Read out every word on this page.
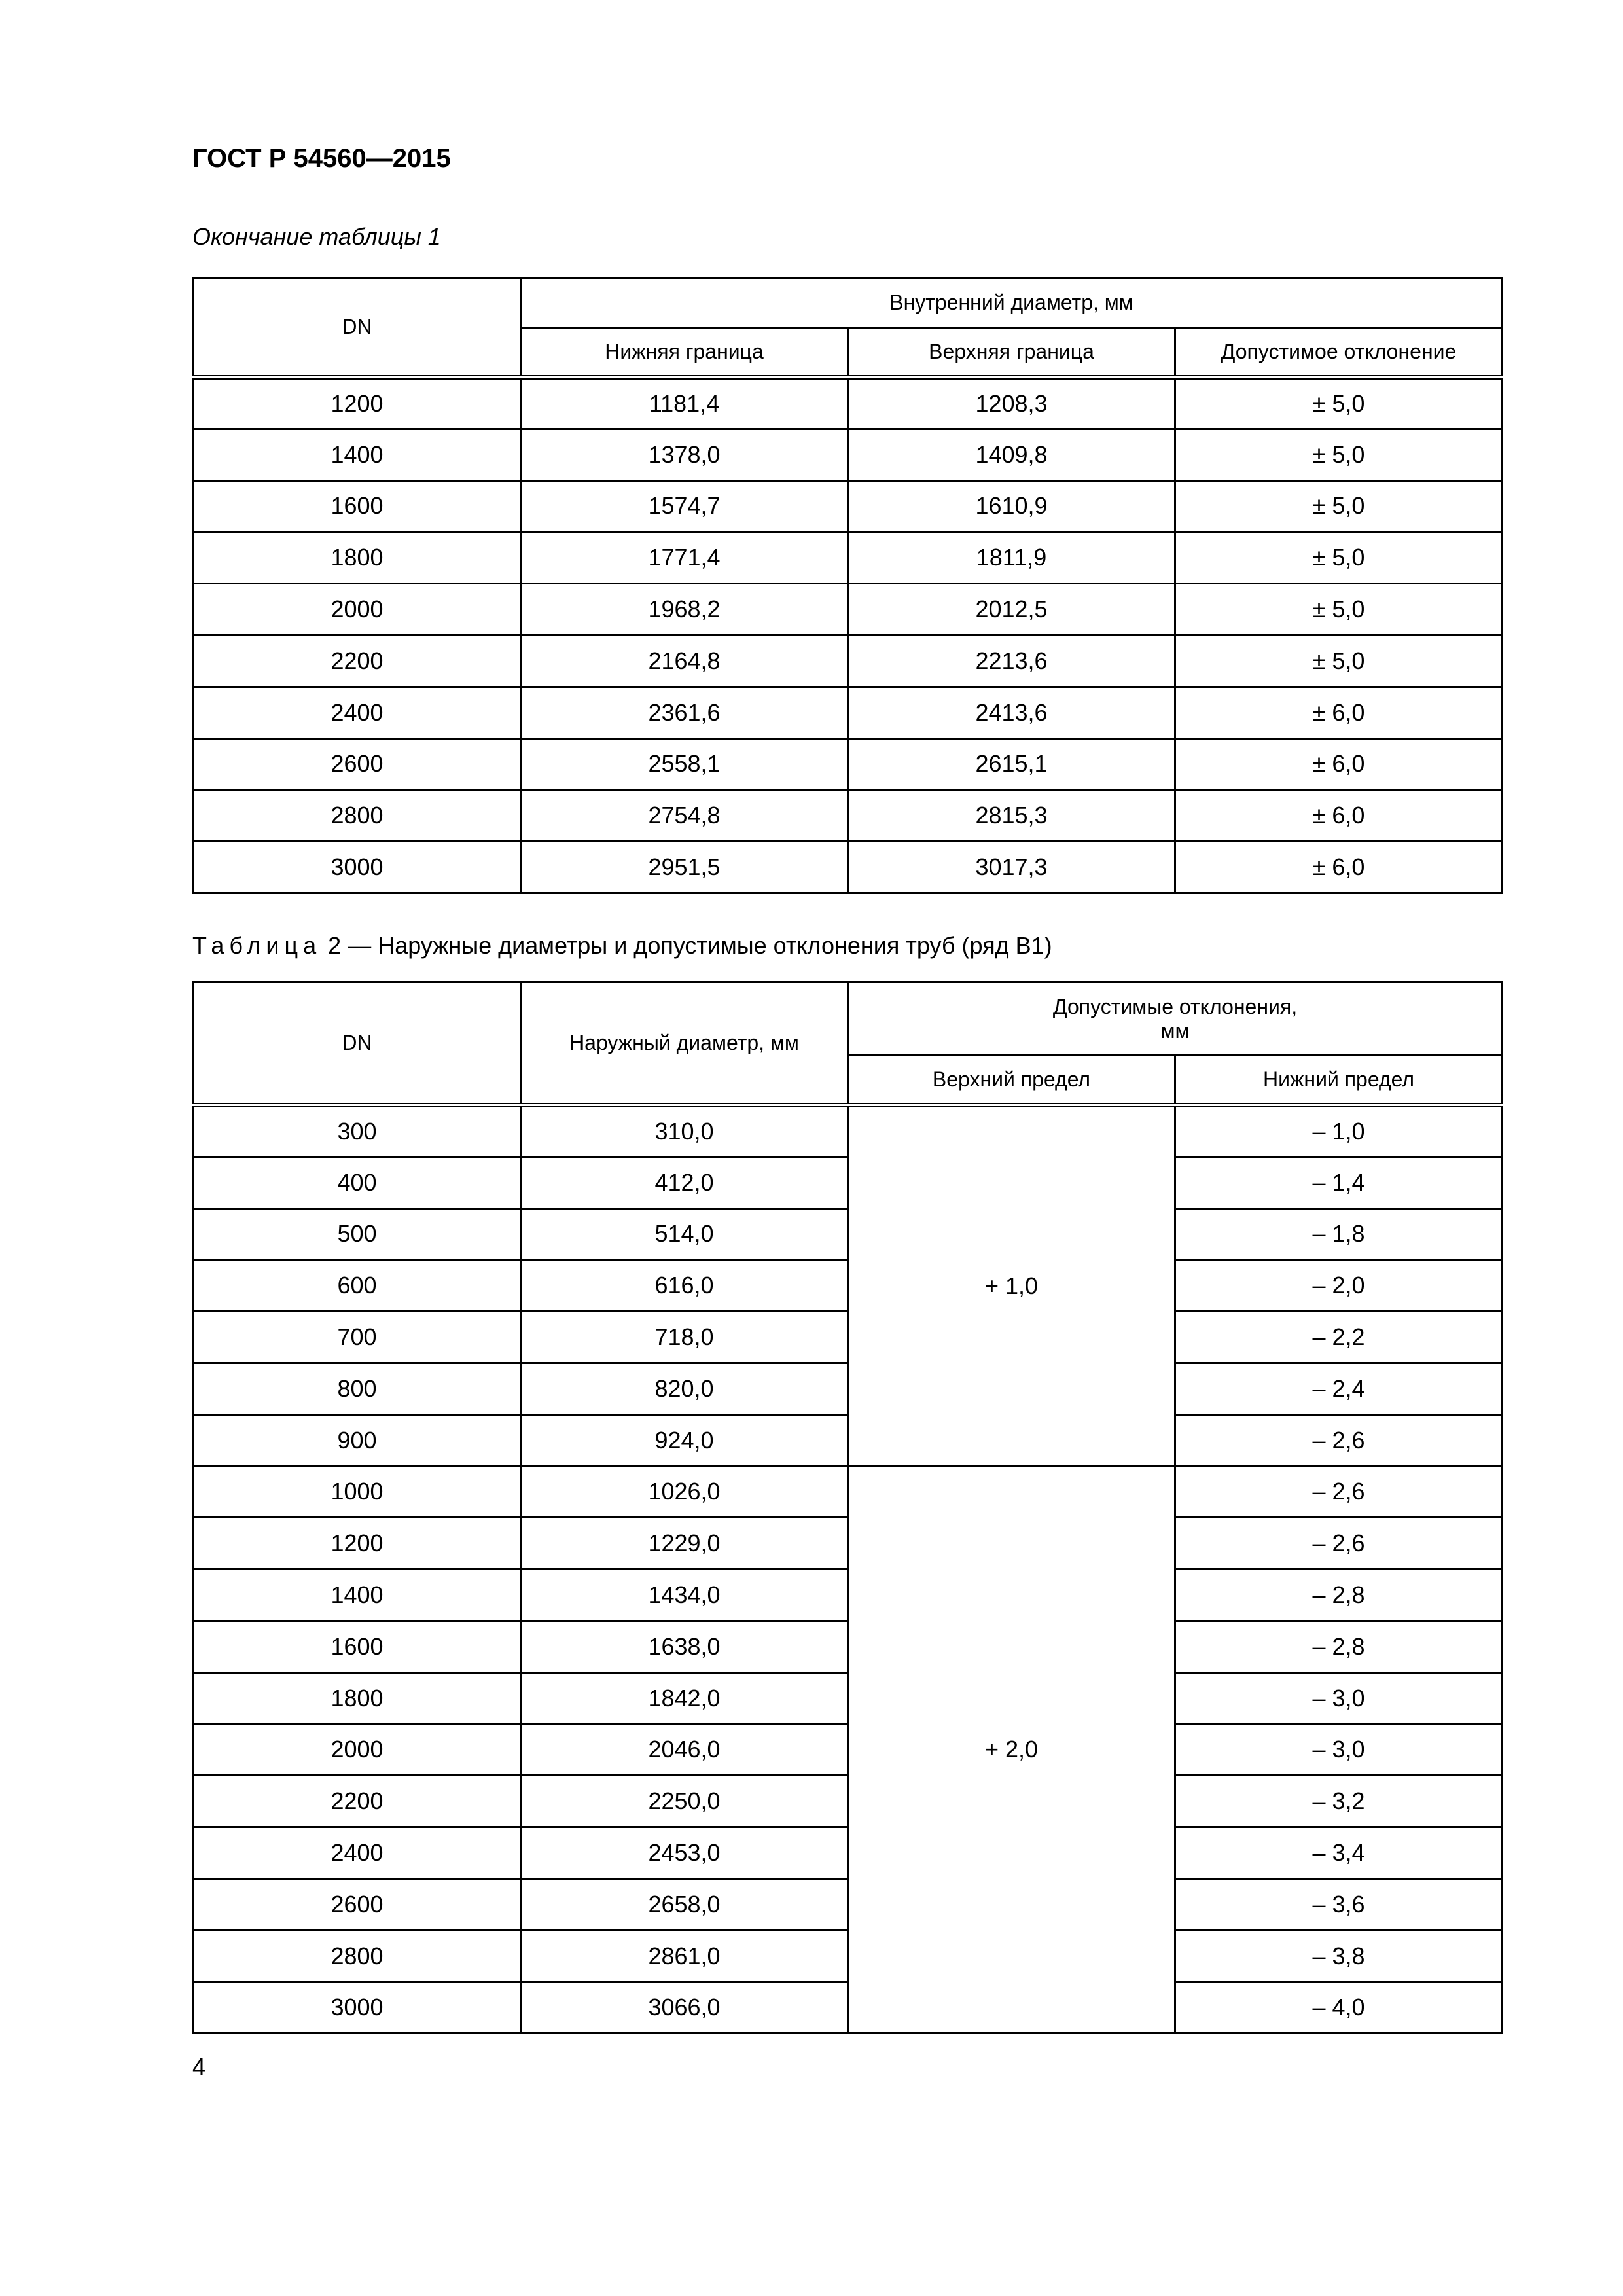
ГОСТ Р 54560—2015

Окончание таблицы 1

DN	Внутренний диаметр, мм		
	Нижняя граница	Верхняя граница	Допустимое отклонение
1200	1181,4	1208,3	± 5,0
1400	1378,0	1409,8	± 5,0
1600	1574,7	1610,9	± 5,0
1800	1771,4	1811,9	± 5,0
2000	1968,2	2012,5	± 5,0
2200	2164,8	2213,6	± 5,0
2400	2361,6	2413,6	± 6,0
2600	2558,1	2615,1	± 6,0
2800	2754,8	2815,3	± 6,0
3000	2951,5	3017,3	± 6,0

Таблица 2 — Наружные диаметры и допустимые отклонения труб (ряд В1)

DN	Наружный диаметр, мм	Допустимые отклонения,
мм	
		Верхний предел	Нижний предел
300	310,0	+ 1,0	– 1,0
400	412,0		– 1,4
500	514,0		– 1,8
600	616,0		– 2,0
700	718,0		– 2,2
800	820,0		– 2,4
900	924,0		– 2,6
1000	1026,0	+ 2,0	– 2,6
1200	1229,0		– 2,6
1400	1434,0		– 2,8
1600	1638,0		– 2,8
1800	1842,0		– 3,0
2000	2046,0		– 3,0
2200	2250,0		– 3,2
2400	2453,0		– 3,4
2600	2658,0		– 3,6
2800	2861,0		– 3,8
3000	3066,0		– 4,0

4
